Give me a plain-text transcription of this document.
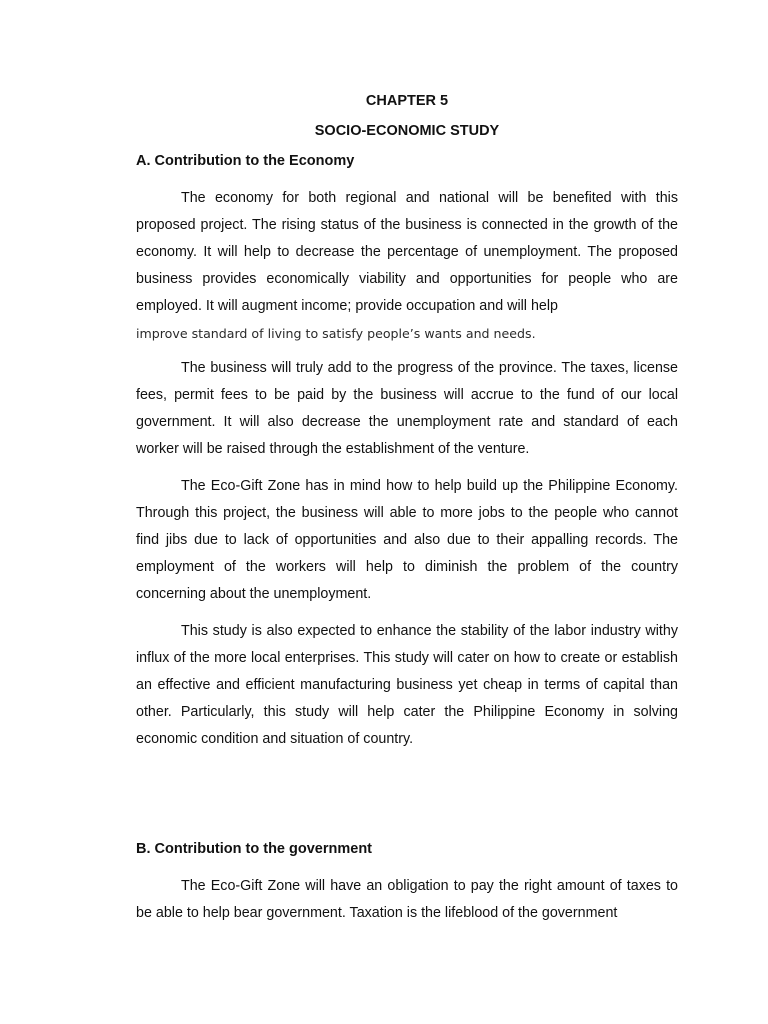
CHAPTER 5
SOCIO-ECONOMIC STUDY
A. Contribution to the Economy

The economy for both regional and national will be benefited with this proposed project. The rising status of the business is connected in the growth of the economy. It will help to decrease the percentage of unemployment. The proposed business provides economically viability and opportunities for people who are employed. It will augment income; provide occupation and will help
improve standard of living to satisfy people’s wants and needs.

The business will truly add to the progress of the province. The taxes, license fees, permit fees to be paid by the business will accrue to the fund of our local government. It will also decrease the unemployment rate and standard of each worker will be raised through the establishment of the venture.

The Eco-Gift Zone has in mind how to help build up the Philippine Economy. Through this project, the business will able to more jobs to the people who cannot find jibs due to lack of opportunities and also due to their appalling records. The employment of the workers will help to diminish the problem of the country concerning about the unemployment.

This study is also expected to enhance the stability of the labor industry withy influx of the more local enterprises. This study will cater on how to create or establish an effective and efficient manufacturing business yet cheap in terms of capital than other. Particularly, this study will help cater the Philippine Economy in solving economic condition and situation of country.

B. Contribution to the government

The Eco-Gift Zone will have an obligation to pay the right amount of taxes to be able to help bear government. Taxation is the lifeblood of the government
